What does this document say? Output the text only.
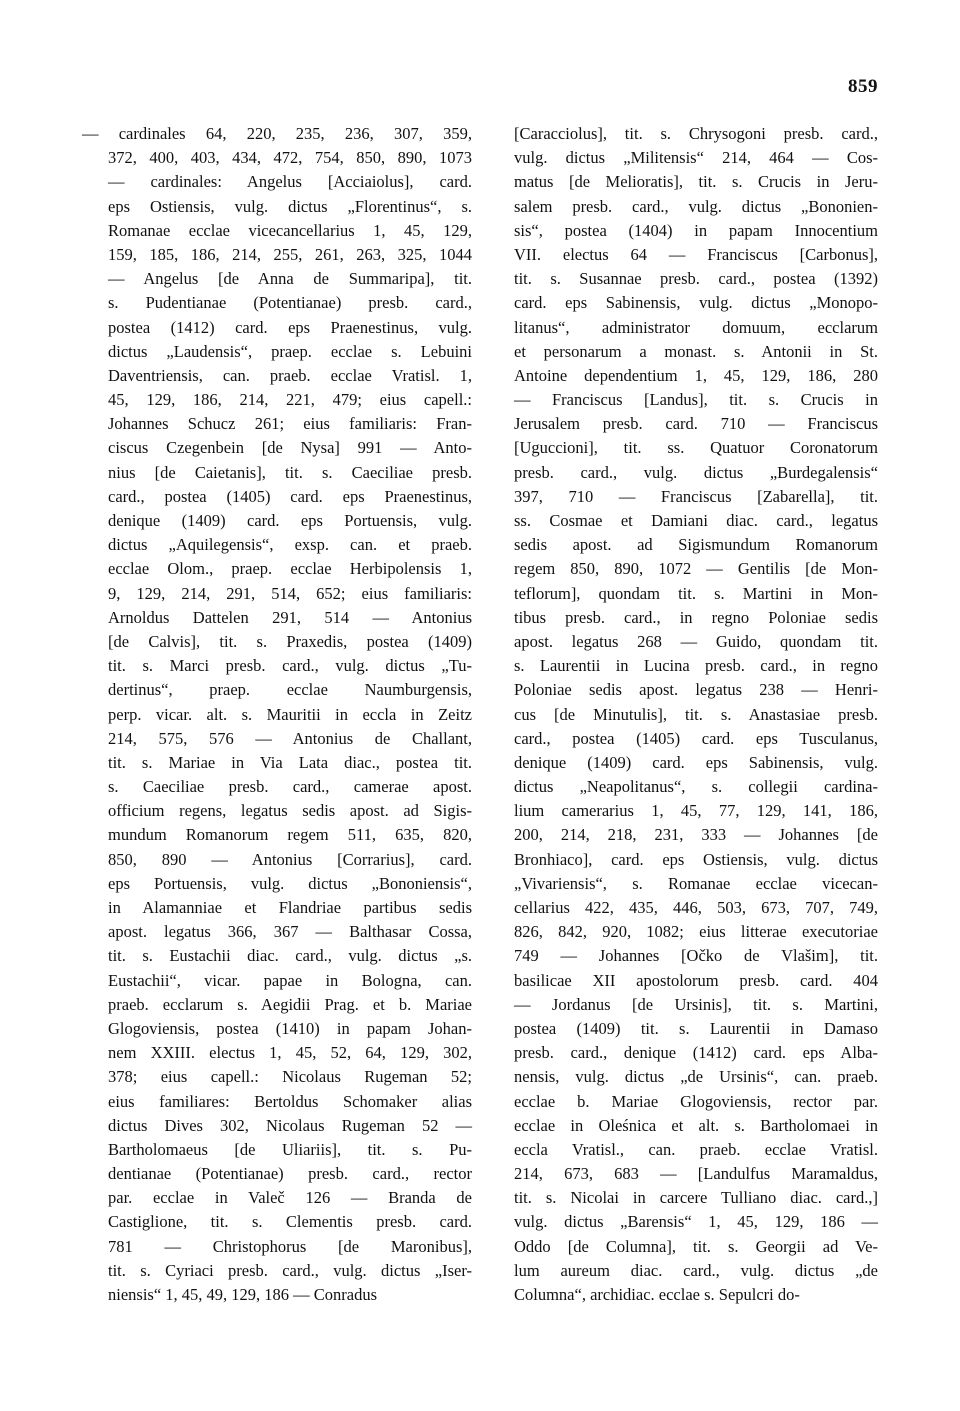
859
— cardinales 64, 220, 235, 236, 307, 359,
372, 400, 403, 434, 472, 754, 850, 890, 1073
— cardinales: Angelus [Acciaiolus], card.
eps Ostiensis, vulg. dictus „Florentinus“, s.
Romanae ecclae vicecancellarius 1, 45, 129,
159, 185, 186, 214, 255, 261, 263, 325, 1044
— Angelus [de Anna de Summaripa], tit.
s. Pudentianae (Potentianae) presb. card.,
postea (1412) card. eps Praenestinus, vulg.
dictus „Laudensis“, praep. ecclae s. Lebuini
Daventriensis, can. praeb. ecclae Vratisl. 1,
45, 129, 186, 214, 221, 479; eius capell.:
Johannes Schucz 261; eius familiaris: Fran-
ciscus Czegenbein [de Nysa] 991 — Anto-
nius [de Caietanis], tit. s. Caeciliae presb.
card., postea (1405) card. eps Praenestinus,
denique (1409) card. eps Portuensis, vulg.
dictus „Aquilegensis“, exsp. can. et praeb.
ecclae Olom., praep. ecclae Herbipolensis 1,
9, 129, 214, 291, 514, 652; eius familiaris:
Arnoldus Dattelen 291, 514 — Antonius
[de Calvis], tit. s. Praxedis, postea (1409)
tit. s. Marci presb. card., vulg. dictus „Tu-
dertinus“, praep. ecclae Naumburgensis,
perp. vicar. alt. s. Mauritii in eccla in Zeitz
214, 575, 576 — Antonius de Challant,
tit. s. Mariae in Via Lata diac., postea tit.
s. Caeciliae presb. card., camerae apost.
officium regens, legatus sedis apost. ad Sigis-
mundum Romanorum regem 511, 635, 820,
850, 890 — Antonius [Corrarius], card.
eps Portuensis, vulg. dictus „Bononiensis“,
in Alamanniae et Flandriae partibus sedis
apost. legatus 366, 367 — Balthasar Cossa,
tit. s. Eustachii diac. card., vulg. dictus „s.
Eustachii“, vicar. papae in Bologna, can.
praeb. ecclarum s. Aegidii Prag. et b. Mariae
Glogoviensis, postea (1410) in papam Johan-
nem XXIII. electus 1, 45, 52, 64, 129, 302,
378; eius capell.: Nicolaus Rugeman 52;
eius familiares: Bertoldus Schomaker alias
dictus Dives 302, Nicolaus Rugeman 52 —
Bartholomaeus [de Uliariis], tit. s. Pu-
dentianae (Potentianae) presb. card., rector
par. ecclae in Valeč 126 — Branda de
Castiglione, tit. s. Clementis presb. card.
781 — Christophorus [de Maronibus],
tit. s. Cyriaci presb. card., vulg. dictus „Iser-
niensis“ 1, 45, 49, 129, 186 — Conradus
[Caracciolus], tit. s. Chrysogoni presb. card.,
vulg. dictus „Militensis“ 214, 464 — Cos-
matus [de Melioratis], tit. s. Crucis in Jeru-
salem presb. card., vulg. dictus „Bononien-
sis“, postea (1404) in papam Innocentium
VII. electus 64 — Franciscus [Carbonus],
tit. s. Susannae presb. card., postea (1392)
card. eps Sabinensis, vulg. dictus „Monopo-
litanus“, administrator domuum, ecclarum
et personarum a monast. s. Antonii in St.
Antoine dependentium 1, 45, 129, 186, 280
— Franciscus [Landus], tit. s. Crucis in
Jerusalem presb. card. 710 — Franciscus
[Uguccioni], tit. ss. Quatuor Coronatorum
presb. card., vulg. dictus „Burdegalensis“
397, 710 — Franciscus [Zabarella], tit.
ss. Cosmae et Damiani diac. card., legatus
sedis apost. ad Sigismundum Romanorum
regem 850, 890, 1072 — Gentilis [de Mon-
teflorum], quondam tit. s. Martini in Mon-
tibus presb. card., in regno Poloniae sedis
apost. legatus 268 — Guido, quondam tit.
s. Laurentii in Lucina presb. card., in regno
Poloniae sedis apost. legatus 238 — Henri-
cus [de Minutulis], tit. s. Anastasiae presb.
card., postea (1405) card. eps Tusculanus,
denique (1409) card. eps Sabinensis, vulg.
dictus „Neapolitanus“, s. collegii cardina-
lium camerarius 1, 45, 77, 129, 141, 186,
200, 214, 218, 231, 333 — Johannes [de
Bronhiaco], card. eps Ostiensis, vulg. dictus
„Vivariensis“, s. Romanae ecclae vicecan-
cellarius 422, 435, 446, 503, 673, 707, 749,
826, 842, 920, 1082; eius litterae executoriae
749 — Johannes [Očko de Vlašim], tit.
basilicae XII apostolorum presb. card. 404
— Jordanus [de Ursinis], tit. s. Martini,
postea (1409) tit. s. Laurentii in Damaso
presb. card., denique (1412) card. eps Alba-
nensis, vulg. dictus „de Ursinis“, can. praeb.
ecclae b. Mariae Glogoviensis, rector par.
ecclae in Oleśnica et alt. s. Bartholomaei in
eccla Vratisl., can. praeb. ecclae Vratisl.
214, 673, 683 — [Landulfus Maramaldus,
tit. s. Nicolai in carcere Tulliano diac. card.,]
vulg. dictus „Barensis“ 1, 45, 129, 186 —
Oddo [de Columna], tit. s. Georgii ad Ve-
lum aureum diac. card., vulg. dictus „de
Columna“, archidiac. ecclae s. Sepulcri do-
